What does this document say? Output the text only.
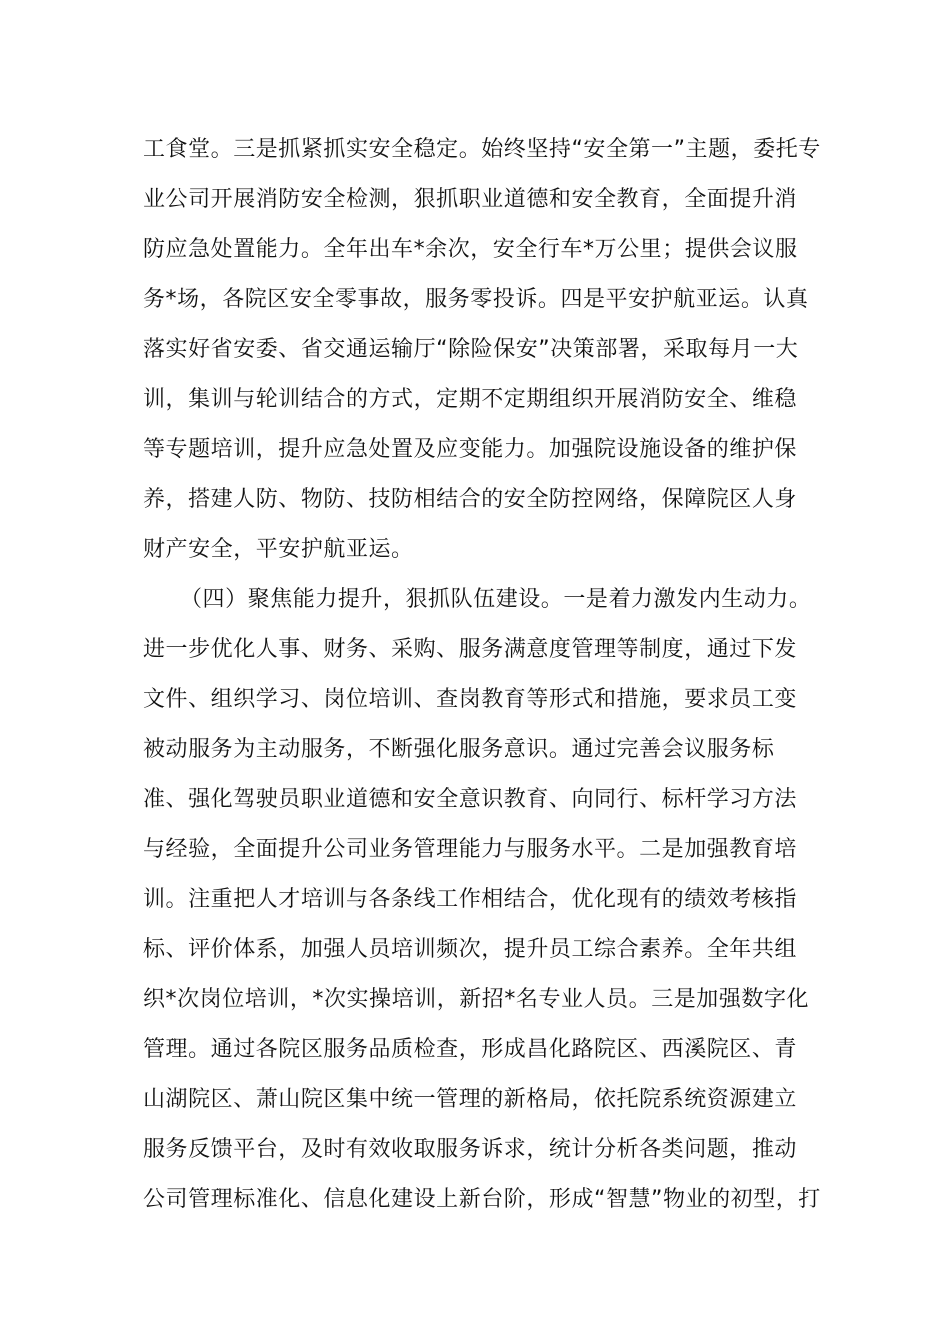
工食堂。三是抓紧抓实安全稳定。始终坚持“安全第一”主题，委托专
业公司开展消防安全检测，狠抓职业道德和安全教育，全面提升消
防应急处置能力。全年出车*余次，安全行车*万公里；提供会议服
务*场，各院区安全零事故，服务零投诉。四是平安护航亚运。认真
落实好省安委、省交通运输厅“除险保安”决策部署，采取每月一大
训，集训与轮训结合的方式，定期不定期组织开展消防安全、维稳
等专题培训，提升应急处置及应变能力。加强院设施设备的维护保
养，搭建人防、物防、技防相结合的安全防控网络，保障院区人身
财产安全，平安护航亚运。
（四）聚焦能力提升，狠抓队伍建设。一是着力激发内生动力。
进一步优化人事、财务、采购、服务满意度管理等制度，通过下发
文件、组织学习、岗位培训、查岗教育等形式和措施，要求员工变
被动服务为主动服务，不断强化服务意识。通过完善会议服务标
准、强化驾驶员职业道德和安全意识教育、向同行、标杆学习方法
与经验，全面提升公司业务管理能力与服务水平。二是加强教育培
训。注重把人才培训与各条线工作相结合，优化现有的绩效考核指
标、评价体系，加强人员培训频次，提升员工综合素养。全年共组
织*次岗位培训，*次实操培训，新招*名专业人员。三是加强数字化
管理。通过各院区服务品质检查，形成昌化路院区、西溪院区、青
山湖院区、萧山院区集中统一管理的新格局，依托院系统资源建立
服务反馈平台，及时有效收取服务诉求，统计分析各类问题，推动
公司管理标准化、信息化建设上新台阶，形成“智慧”物业的初型，打
